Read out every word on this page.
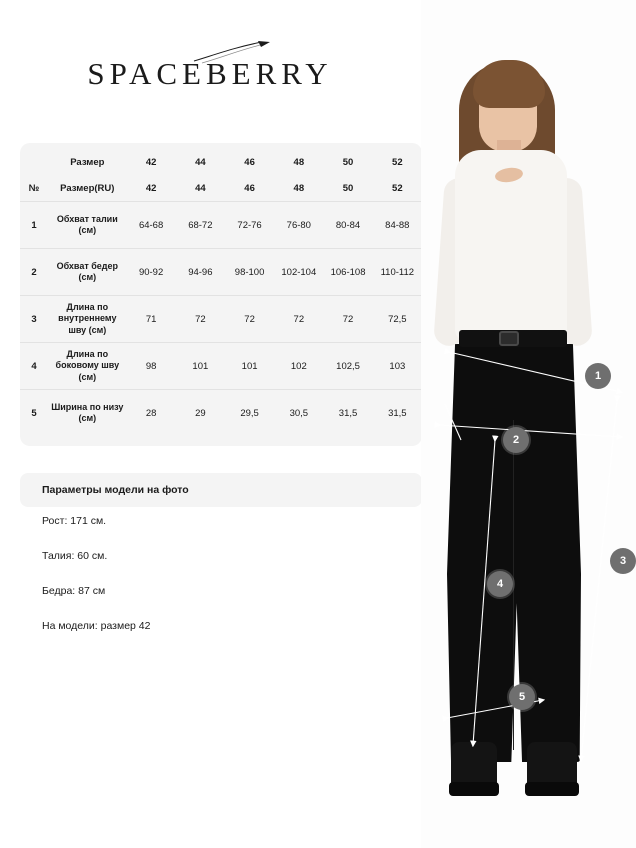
SPACEBERRY
	Размер	42	44	46	48	50	52
№	Размер(RU)	42	44	46	48	50	52
1	Обхват талии (см)	64-68	68-72	72-76	76-80	80-84	84-88
2	Обхват бедер (см)	90-92	94-96	98-100	102-104	106-108	110-112
3	Длина по внутреннему шву (см)	71	72	72	72	72	72,5
4	Длина по боковому шву (см)	98	101	101	102	102,5	103
5	Ширина по низу (см)	28	29	29,5	30,5	31,5	31,5
Параметры модели на фото
Рост: 171 см.
Талия: 60 см.
Бедра: 87 см
На модели: размер 42
1
2
3
4
5
